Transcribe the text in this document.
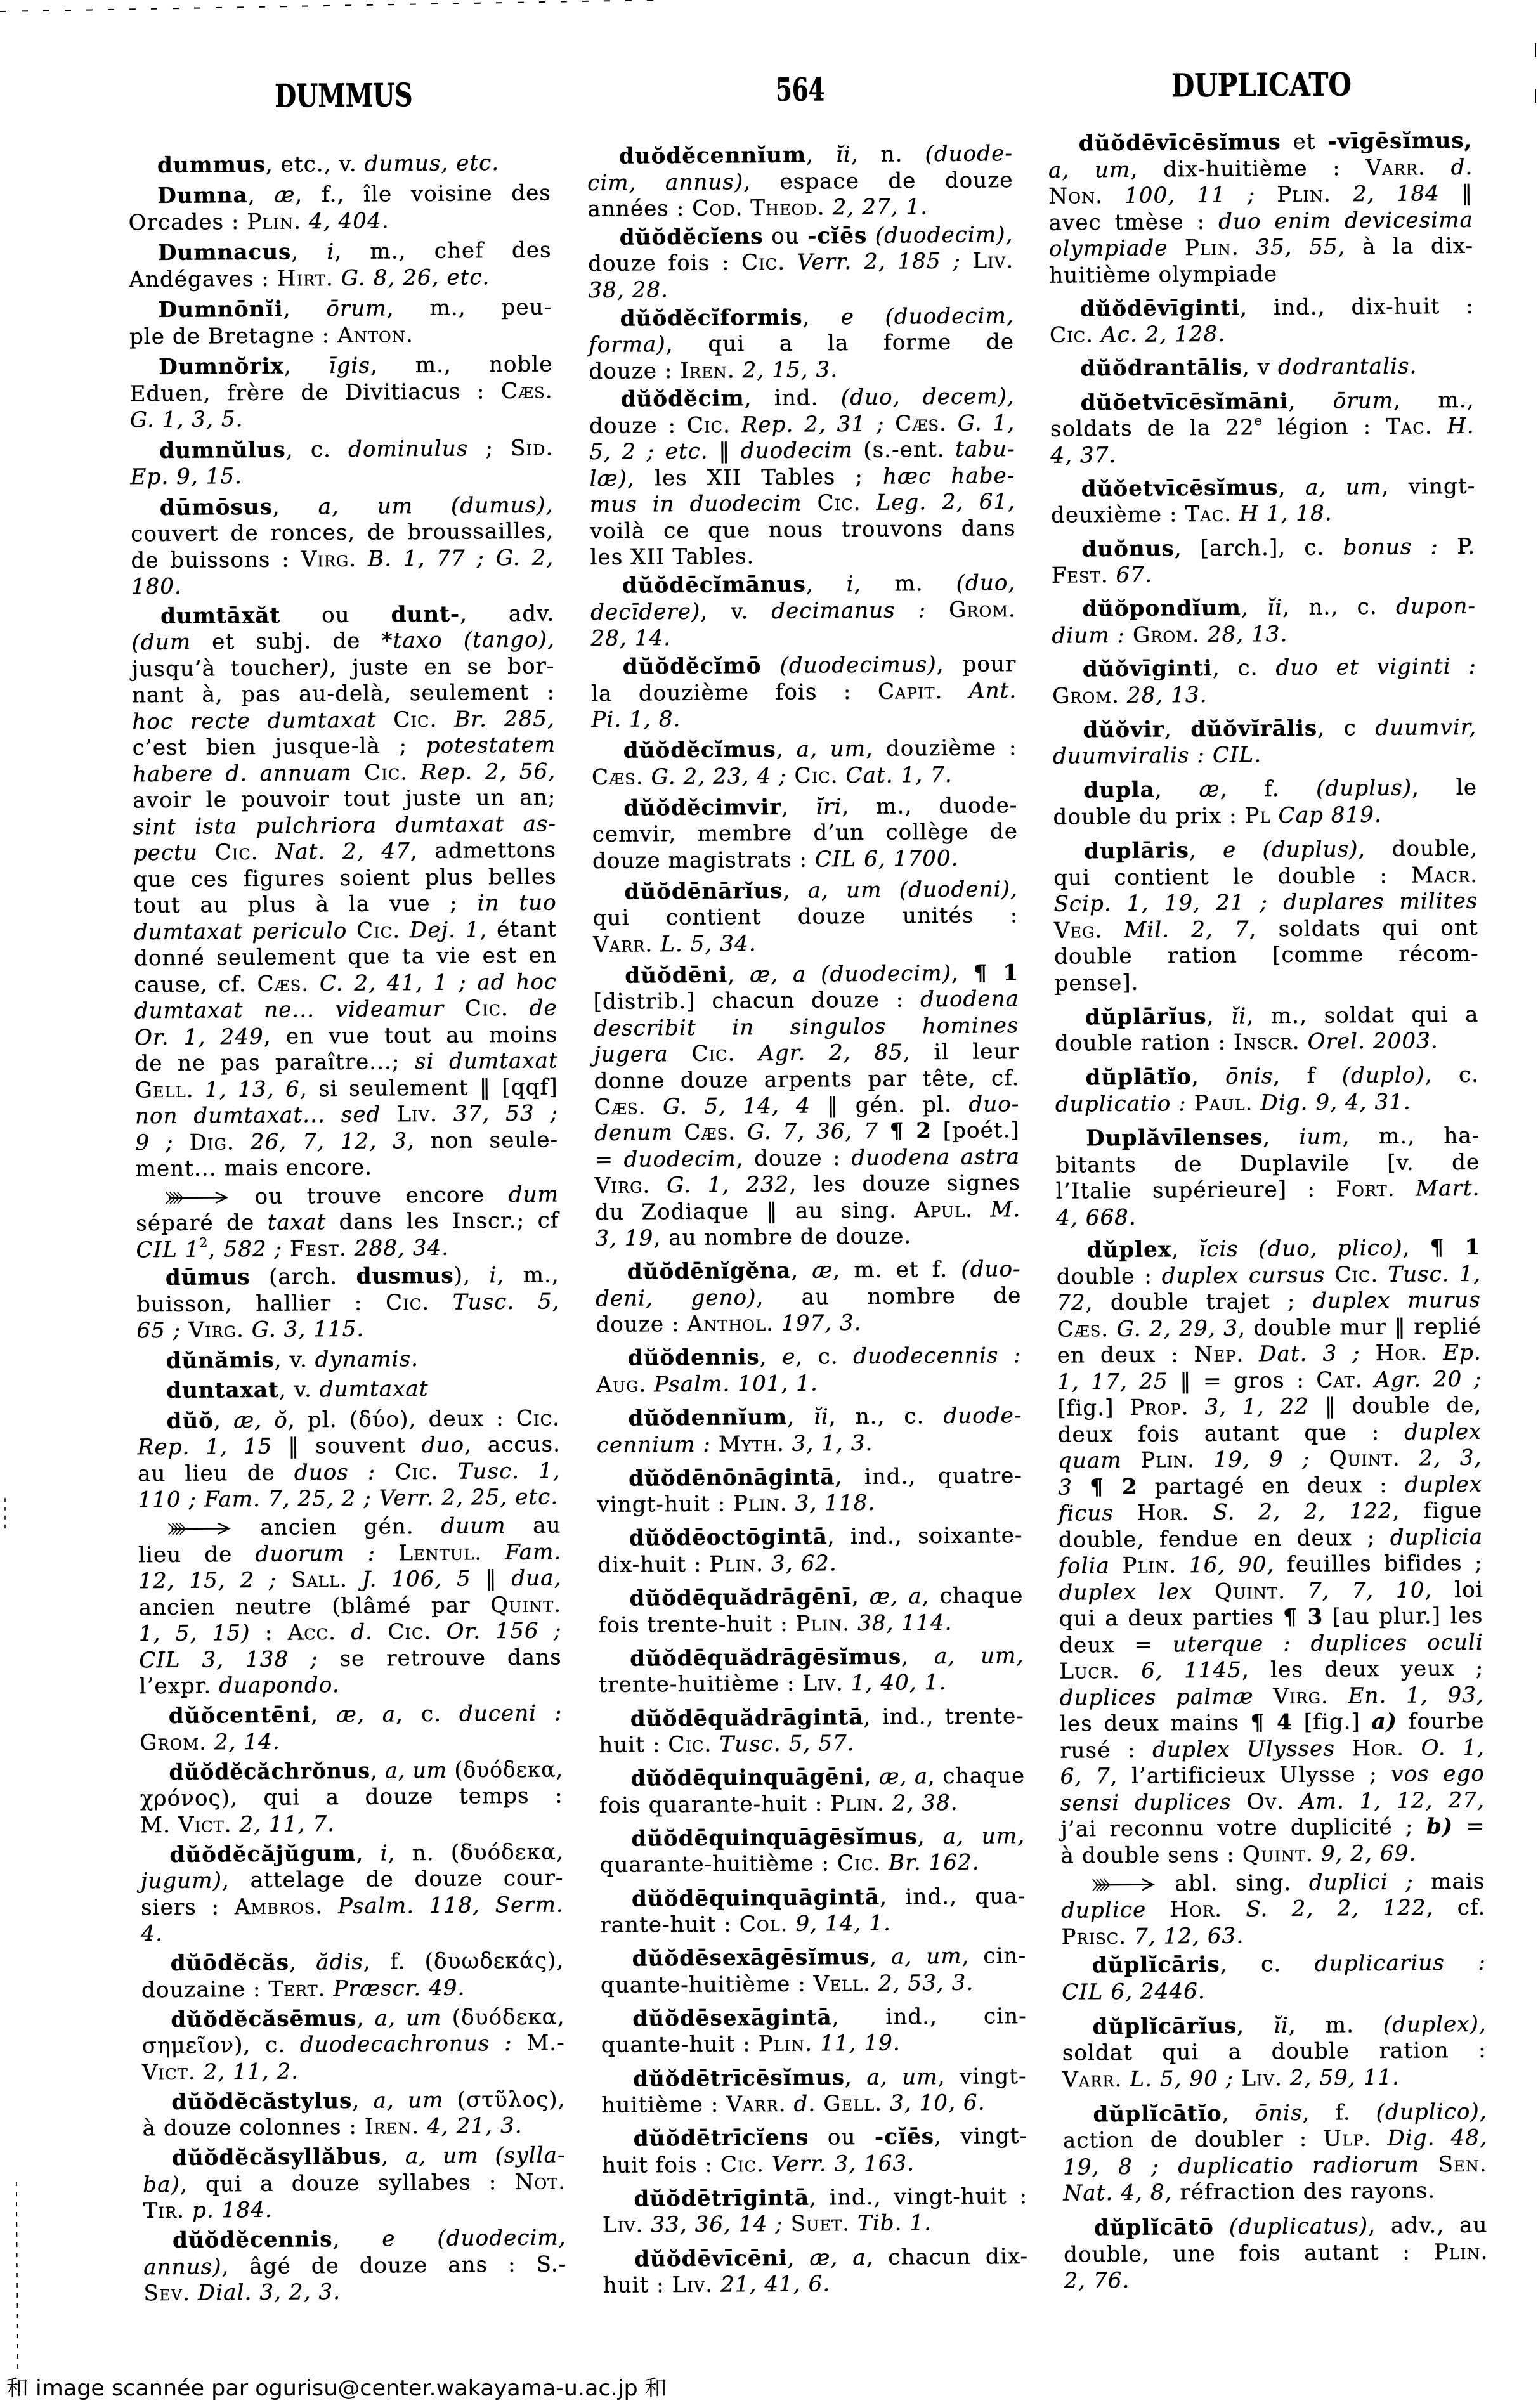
DUMMUS	564	DUPLICATO
dummus, etc., v. dumus, etc.
Dumna, æ, f., île voisine des
Orcades : Plin. 4, 404.
Dumnacus, i, m., chef des
Andégaves : Hirt. G. 8, 26, etc.
Dumnōnĭi, ōrum, m., peu-
ple de Bretagne : Anton.
Dumnŏrix, īgis, m., noble
Eduen, frère de Divitiacus : Cæs.
G. 1, 3, 5.
dumnŭlus, c. dominulus ; Sid.
Ep. 9, 15.
dūmōsus, a, um (dumus),
couvert de ronces, de broussailles,
de buissons : Virg. B. 1, 77 ; G. 2,
180.
dumtāxăt ou dunt-, adv.
(dum et subj. de *taxo (tango),
jusqu’à toucher), juste en se bor-
nant à, pas au-delà, seulement :
hoc recte dumtaxat Cic. Br. 285,
c’est bien jusque-là ; potestatem
habere d. annuam Cic. Rep. 2, 56,
avoir le pouvoir tout juste un an;
sint ista pulchriora dumtaxat as-
pectu Cic. Nat. 2, 47, admettons
que ces figures soient plus belles
tout au plus à la vue ; in tuo
dumtaxat periculo Cic. Dej. 1, étant
donné seulement que ta vie est en
cause, cf. Cæs. C. 2, 41, 1 ; ad hoc
dumtaxat ne... videamur Cic. de
Or. 1, 249, en vue tout au moins
de ne pas paraître...; si dumtaxat
Gell. 1, 13, 6, si seulement ‖ [qqf]
non dumtaxat... sed Liv. 37, 53 ;
9 ; Dig. 26, 7, 12, 3, non seule-
ment... mais encore.
ou trouve encore dum
séparé de taxat dans les Inscr.; cf
CIL $1^2$, 582 ; Fest. 288, 34.
dūmus (arch. dusmus), i, m.,
buisson, hallier : Cic. Tusc. 5,
65 ; Virg. G. 3, 115.
dŭnămis, v. dynamis.
duntaxat, v. dumtaxat
dŭŏ, æ, ŏ, pl. (δύο), deux : Cic.
Rep. 1, 15 ‖ souvent duo, accus.
au lieu de duos : Cic. Tusc. 1,
110 ; Fam. 7, 25, 2 ; Verr. 2, 25, etc.
ancien gén. duum au
lieu de duorum : Lentul. Fam.
12, 15, 2 ; Sall. J. 106, 5 ‖ dua,
ancien neutre (blâmé par Quint.
1, 5, 15) : Acc. d. Cic. Or. 156 ;
CIL 3, 138 ; se retrouve dans
l’expr. duapondo.
dŭŏcentēni, æ, a, c. duceni :
Grom. 2, 14.
dŭŏdĕcăchrŏnus, a, um (δυόδεκα,
χρόνος), qui a douze temps :
M. Vict. 2, 11, 7.
dŭŏdĕcăjŭgum, i, n. (δυόδεκα,
jugum), attelage de douze cour-
siers : Ambros. Psalm. 118, Serm.
4.
dŭōdĕcăs, ădis, f. (δυωδεκάς),
douzaine : Tert. Præscr. 49.
dŭŏdĕcăsēmus, a, um (δυόδεκα,
σημεῖον), c. duodecachronus : M.-
Vict. 2, 11, 2.
dŭŏdĕcăstylus, a, um (στῦλος),
à douze colonnes : Iren. 4, 21, 3.
dŭŏdĕcăsyllăbus, a, um (sylla-
ba), qui a douze syllabes : Not.
Tir. p. 184.
dŭŏdĕcennis, e (duodecim,
annus), âgé de douze ans : S.-
Sev. Dial. 3, 2, 3.
duŏdĕcennĭum, ĭi, n. (duode-
cim, annus), espace de douze
années : Cod. Theod. 2, 27, 1.
dŭŏdĕcĭens ou -cĭēs (duodecim),
douze fois : Cic. Verr. 2, 185 ; Liv.
38, 28.
dŭŏdĕcĭformis, e (duodecim,
forma), qui a la forme de
douze : Iren. 2, 15, 3.
dŭŏdĕcim, ind. (duo, decem),
douze : Cic. Rep. 2, 31 ; Cæs. G. 1,
5, 2 ; etc. ‖ duodecim (s.-ent. tabu-
læ), les XII Tables ; hæc habe-
mus in duodecim Cic. Leg. 2, 61,
voilà ce que nous trouvons dans
les XII Tables.
dŭŏdēcĭmānus, i, m. (duo,
decīdere), v. decimanus : Grom.
28, 14.
dŭŏdĕcĭmō (duodecimus), pour
la douzième fois : Capit. Ant.
Pi. 1, 8.
dŭŏdĕcĭmus, a, um, douzième :
Cæs. G. 2, 23, 4 ; Cic. Cat. 1, 7.
dŭŏdĕcimvir, ĭri, m., duode-
cemvir, membre d’un collège de
douze magistrats : CIL 6, 1700.
dŭŏdēnārĭus, a, um (duodeni),
qui contient douze unités :
Varr. L. 5, 34.
dŭŏdēni, æ, a (duodecim), ¶ 1
[distrib.] chacun douze : duodena
describit in singulos homines
jugera Cic. Agr. 2, 85, il leur
donne douze arpents par tête, cf.
Cæs. G. 5, 14, 4 ‖ gén. pl. duo-
denum Cæs. G. 7, 36, 7 ¶ 2 [poét.]
= duodecim, douze : duodena astra
Virg. G. 1, 232, les douze signes
du Zodiaque ‖ au sing. Apul. M.
3, 19, au nombre de douze.
dŭŏdēnĭgĕna, æ, m. et f. (duo-
deni, geno), au nombre de
douze : Anthol. 197, 3.
dŭŏdennis, e, c. duodecennis :
Aug. Psalm. 101, 1.
dŭŏdennĭum, ĭi, n., c. duode-
cennium : Myth. 3, 1, 3.
dŭŏdēnōnāgintā, ind., quatre-
vingt-huit : Plin. 3, 118.
dŭŏdēoctōgintā, ind., soixante-
dix-huit : Plin. 3, 62.
dŭŏdēquădrāgēnī, æ, a, chaque
fois trente-huit : Plin. 38, 114.
dŭŏdēquădrāgēsĭmus, a, um,
trente-huitième : Liv. 1, 40, 1.
dŭŏdēquădrāgintā, ind., trente-
huit : Cic. Tusc. 5, 57.
dŭŏdēquinquāgēni, æ, a, chaque
fois quarante-huit : Plin. 2, 38.
dŭŏdēquinquāgēsĭmus, a, um,
quarante-huitième : Cic. Br. 162.
dŭŏdēquinquāgintā, ind., qua-
rante-huit : Col. 9, 14, 1.
dŭŏdēsexāgēsĭmus, a, um, cin-
quante-huitième : Vell. 2, 53, 3.
dŭŏdēsexāgintā, ind., cin-
quante-huit : Plin. 11, 19.
dŭŏdētrīcēsĭmus, a, um, vingt-
huitième : Varr. d. Gell. 3, 10, 6.
dŭŏdētrīcĭens ou -cĭēs, vingt-
huit fois : Cic. Verr. 3, 163.
dŭŏdētrīgintā, ind., vingt-huit :
Liv. 33, 36, 14 ; Suet. Tib. 1.
dŭŏdēvīcēni, æ, a, chacun dix-
huit : Liv. 21, 41, 6.
dŭŏdēvīcēsĭmus et -vīgēsĭmus,
a, um, dix-huitième : Varr. d.
Non. 100, 11 ; Plin. 2, 184 ‖
avec tmèse : duo enim devicesima
olympiade Plin. 35, 55, à la dix-
huitième olympiade
dŭŏdēvīginti, ind., dix-huit :
Cic. Ac. 2, 128.
dŭŏdrantālis, v dodrantalis.
dŭŏetvīcēsĭmāni, ōrum, m.,
soldats de la 22e légion : Tac. H.
4, 37.
dŭŏetvīcēsĭmus, a, um, vingt-
deuxième : Tac. H 1, 18.
duŏnus, [arch.], c. bonus : P.
Fest. 67.
dŭŏpondĭum, ĭi, n., c. dupon-
dium : Grom. 28, 13.
dŭŏvīginti, c. duo et viginti :
Grom. 28, 13.
dŭŏvir, dŭŏvĭrālis, c duumvir,
duumviralis : CIL.
dupla, æ, f. (duplus), le
double du prix : Pl Cap 819.
duplāris, e (duplus), double,
qui contient le double : Macr.
Scip. 1, 19, 21 ; duplares milites
Veg. Mil. 2, 7, soldats qui ont
double ration [comme récom-
pense].
dŭplārĭus, ĭi, m., soldat qui a
double ration : Inscr. Orel. 2003.
dŭplātĭo, ōnis, f (duplo), c.
duplicatio : Paul. Dig. 9, 4, 31.
Duplăvīlenses, ium, m., ha-
bitants de Duplavile [v. de
l’Italie supérieure] : Fort. Mart.
4, 668.
dŭplex, ĭcis (duo, plico), ¶ 1
double : duplex cursus Cic. Tusc. 1,
72, double trajet ; duplex murus
Cæs. G. 2, 29, 3, double mur ‖ replié
en deux : Nep. Dat. 3 ; Hor. Ep.
1, 17, 25 ‖ = gros : Cat. Agr. 20 ;
[fig.] Prop. 3, 1, 22 ‖ double de,
deux fois autant que : duplex
quam Plin. 19, 9 ; Quint. 2, 3,
3 ¶ 2 partagé en deux : duplex
ficus Hor. S. 2, 2, 122, figue
double, fendue en deux ; duplicia
folia Plin. 16, 90, feuilles bifides ;
duplex lex Quint. 7, 7, 10, loi
qui a deux parties ¶ 3 [au plur.] les
deux = uterque : duplices oculi
Lucr. 6, 1145, les deux yeux ;
duplices palmæ Virg. En. 1, 93,
les deux mains ¶ 4 [fig.] a) fourbe
rusé : duplex Ulysses Hor. O. 1,
6, 7, l’artificieux Ulysse ; vos ego
sensi duplices Ov. Am. 1, 12, 27,
j’ai reconnu votre duplicité ; b) =
à double sens : Quint. 9, 2, 69.
abl. sing. duplici ; mais
duplice Hor. S. 2, 2, 122, cf.
Prisc. 7, 12, 63.
dŭplĭcāris, c. duplicarius :
CIL 6, 2446.
dŭplĭcārĭus, ĭi, m. (duplex),
soldat qui a double ration :
Varr. L. 5, 90 ; Liv. 2, 59, 11.
dŭplĭcātĭo, ōnis, f. (duplico),
action de doubler : Ulp. Dig. 48,
19, 8 ; duplicatio radiorum Sen.
Nat. 4, 8, réfraction des rayons.
dŭplĭcātō (duplicatus), adv., au
double, une fois autant : Plin.
2, 76.
和 image scannée par ogurisu@center.wakayama-u.ac.jp 和
